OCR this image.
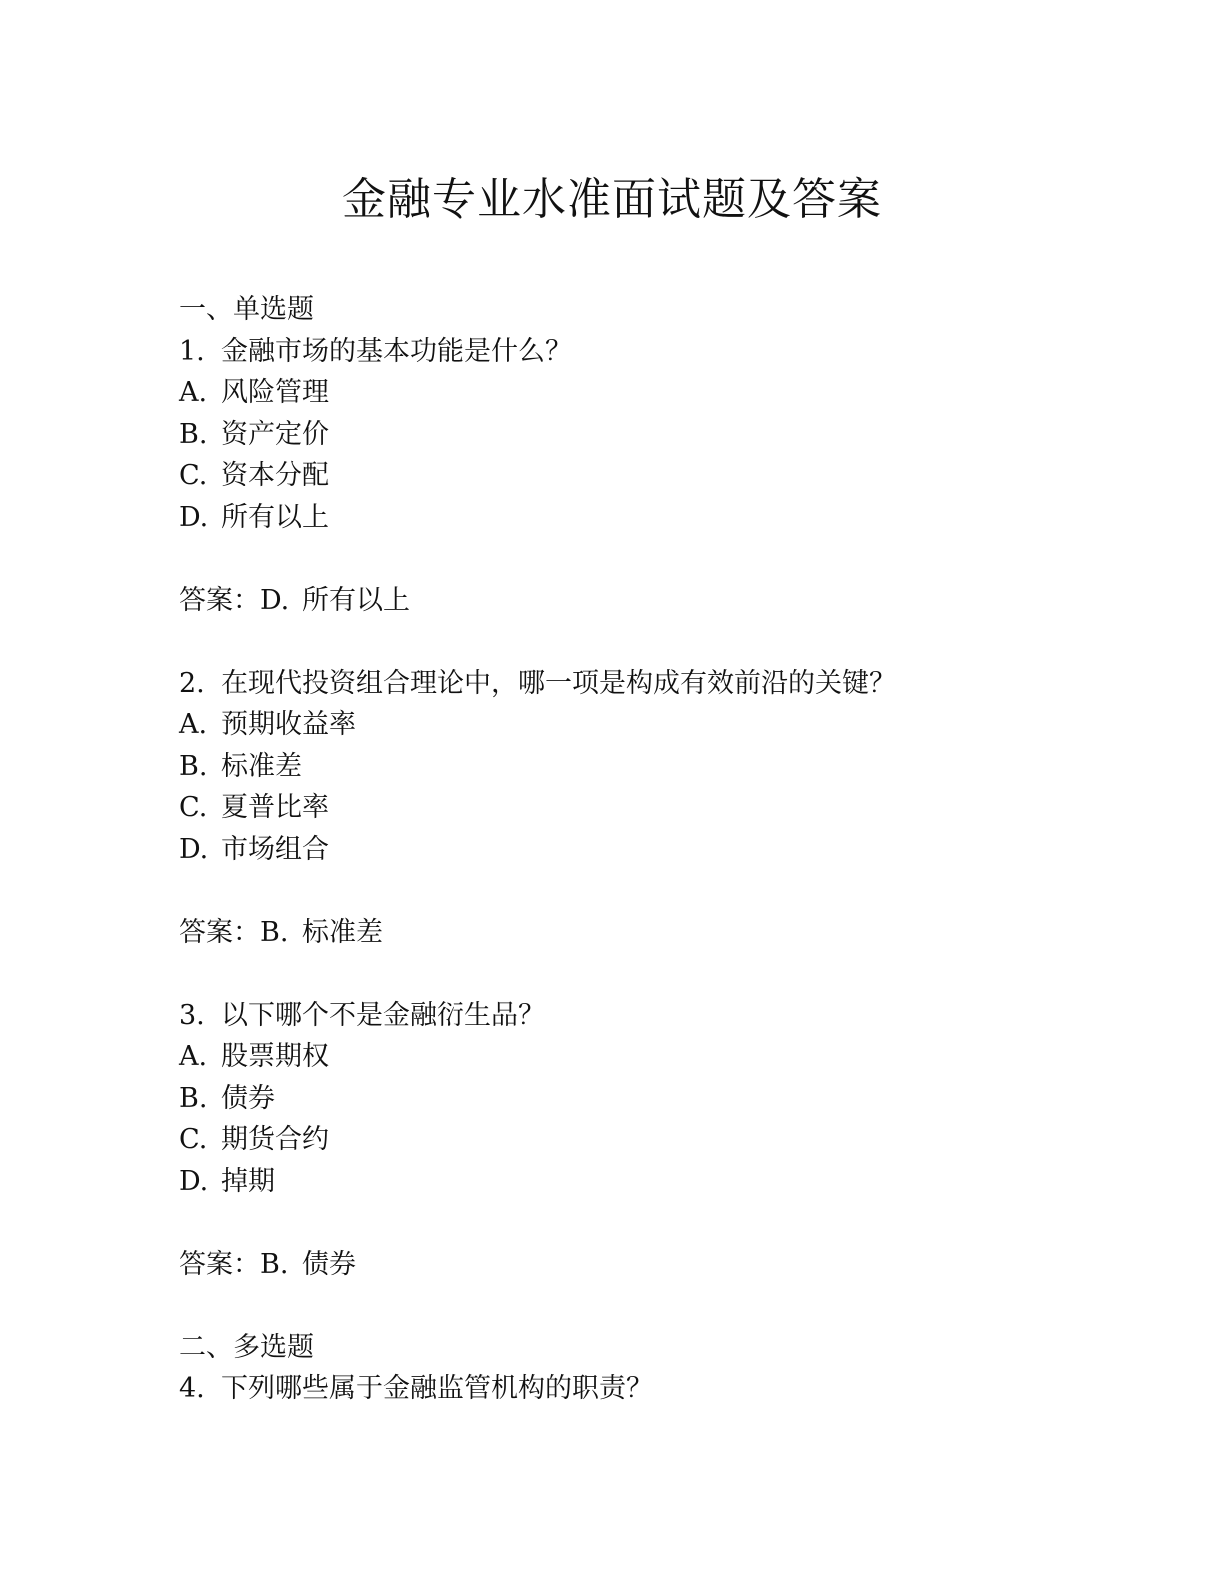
金融专业水准面试题及答案
一、单选题
1. 金融市场的基本功能是什么？
A. 风险管理
B. 资产定价
C. 资本分配
D. 所有以上
答案：D. 所有以上
2. 在现代投资组合理论中，哪一项是构成有效前沿的关键？
A. 预期收益率
B. 标准差
C. 夏普比率
D. 市场组合
答案：B. 标准差
3. 以下哪个不是金融衍生品？
A. 股票期权
B. 债券
C. 期货合约
D. 掉期
答案：B. 债券
二、多选题
4. 下列哪些属于金融监管机构的职责？
